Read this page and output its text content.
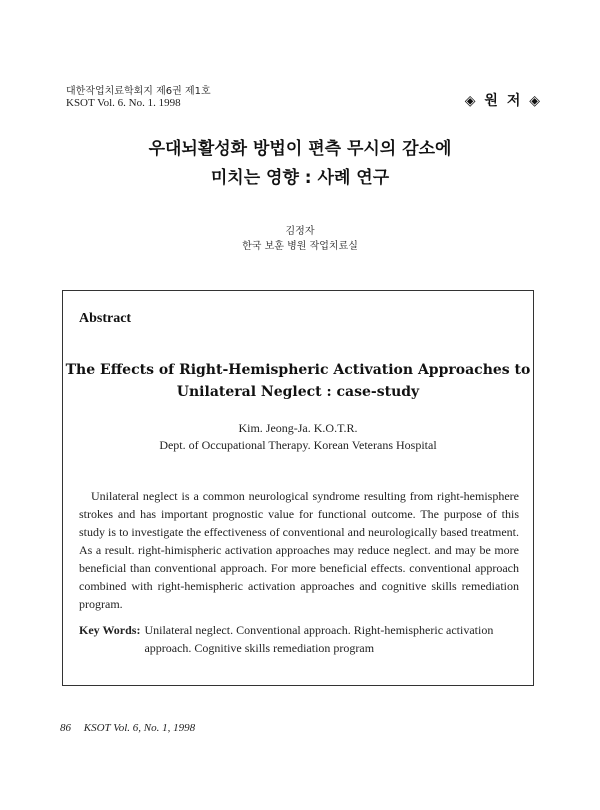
대한작업치료학회지 제6권 제1호
KSOT Vol. 6. No. 1. 1998	◈ 원 저 ◈
우대뇌활성화 방법이 편측 무시의 감소에
미치는 영향 : 사례 연구
김정자
한국 보훈 병원 작업치료실
Abstract
The Effects of Right-Hemispheric Activation Approaches to
Unilateral Neglect : case-study
Kim. Jeong-Ja. K.O.T.R.
Dept. of Occupational Therapy. Korean Veterans Hospital

Unilateral neglect is a common neurological syndrome resulting from right-hemisphere strokes and has important prognostic value for functional outcome. The purpose of this study is to investigate the effectiveness of conventional and neurologically based treatment. As a result. right-himispheric activation approaches may reduce neglect. and may be more beneficial than conventional approach. For more beneficial effects. conventional approach combined with right-hemispheric activation approaches and cognitive skills remediation program.

Key Words: Unilateral neglect. Conventional approach. Right-hemispheric activation approach. Cognitive skills remediation program
86 KSOT Vol. 6, No. 1, 1998
